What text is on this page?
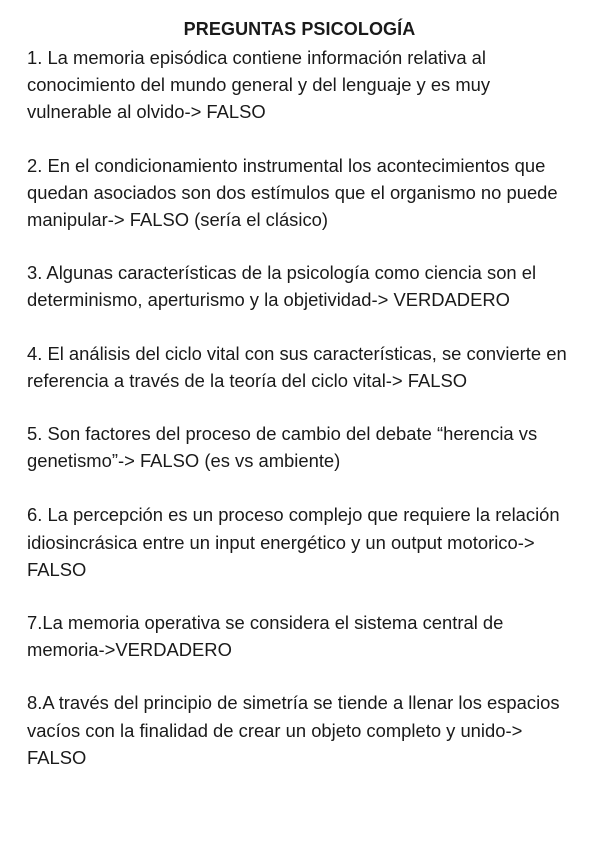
PREGUNTAS PSICOLOGÍA

1. La memoria episódica contiene información relativa al conocimiento del mundo general y del lenguaje y es muy vulnerable al olvido-> FALSO

2. En el condicionamiento instrumental los acontecimientos que quedan asociados son dos estímulos que el organismo no puede manipular-> FALSO (sería el clásico)

3. Algunas características de la psicología como ciencia son el determinismo, aperturismo y la objetividad-> VERDADERO

4. El análisis del ciclo vital con sus características, se convierte en referencia a través de la teoría del ciclo vital-> FALSO

5. Son factores del proceso de cambio del debate “herencia vs genetismo”-> FALSO (es vs ambiente)

6. La percepción es un proceso complejo que requiere la relación idiosincrásica entre un input energético y un output motorico-> FALSO

7.La memoria operativa se considera el sistema central de memoria->VERDADERO

8.A través del principio de simetría se tiende a llenar los espacios vacíos con la finalidad de crear un objeto completo y unido-> FALSO
